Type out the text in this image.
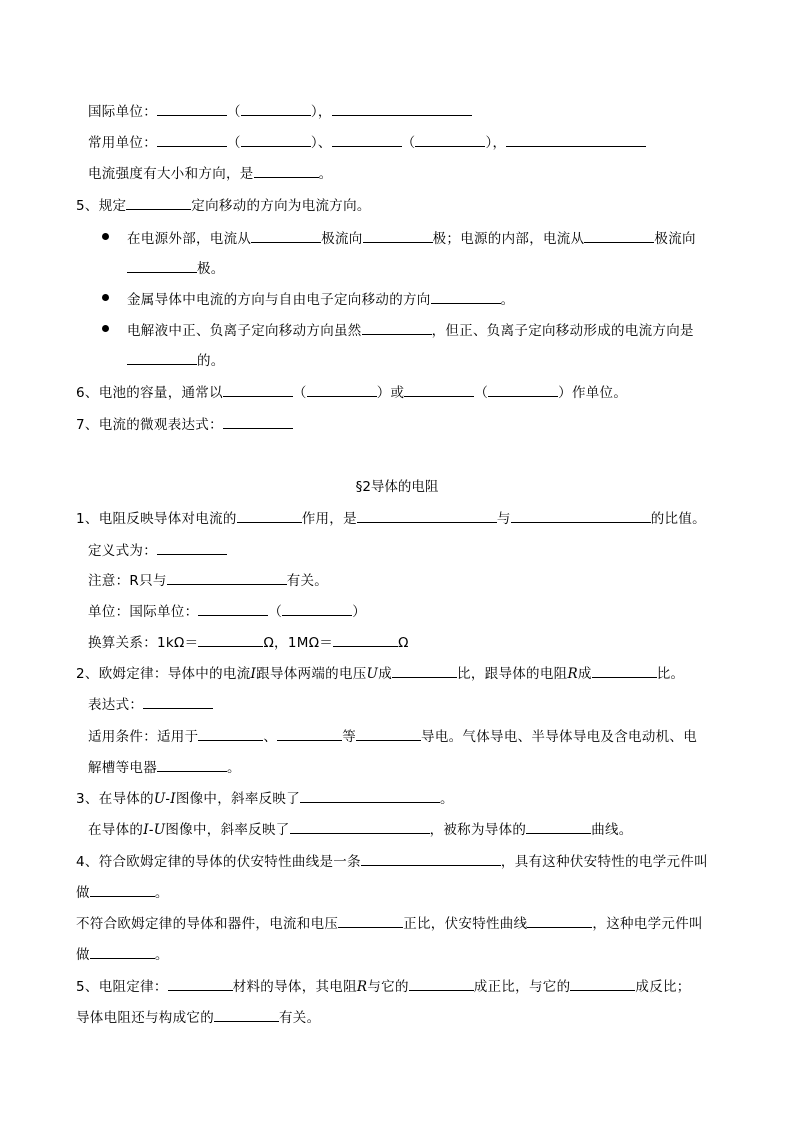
国际单位：	（	），
常用单位：	（	）、	（	），
电流强度有大小和方向，是	。
5、规定	定向移动的方向为电流方向。
在电源外部，电流从	极流向	极；电源的内部，电流从	极流向
极。
金属导体中电流的方向与自由电子定向移动的方向	。
电解液中正、负离子定向移动方向虽然	，但正、负离子定向移动形成的电流方向是
的。
6、电池的容量，通常以	（	）或	（	）作单位。
7、电流的微观表达式：
§2导体的电阻
1、电阻反映导体对电流的	作用，是	与	的比值。
定义式为：
注意：R只与	有关。
单位：国际单位：	（	）
换算关系：1kΩ＝	Ω，1MΩ＝	Ω
2、欧姆定律：导体中的电流I跟导体两端的电压U成	比，跟导体的电阻R成	比。
表达式：
适用条件：适用于	、	等	导电。气体导电、半导体导电及含电动机、电
解槽等电器	。
3、在导体的U-I图像中，斜率反映了	。
在导体的I-U图像中，斜率反映了	，被称为导体的	曲线。
4、符合欧姆定律的导体的伏安特性曲线是一条	，具有这种伏安特性的电学元件叫
做	。
不符合欧姆定律的导体和器件，电流和电压	正比，伏安特性曲线	，这种电学元件叫
做	。
5、电阻定律：	材料的导体，其电阻R与它的	成正比，与它的	成反比；
导体电阻还与构成它的	有关。
